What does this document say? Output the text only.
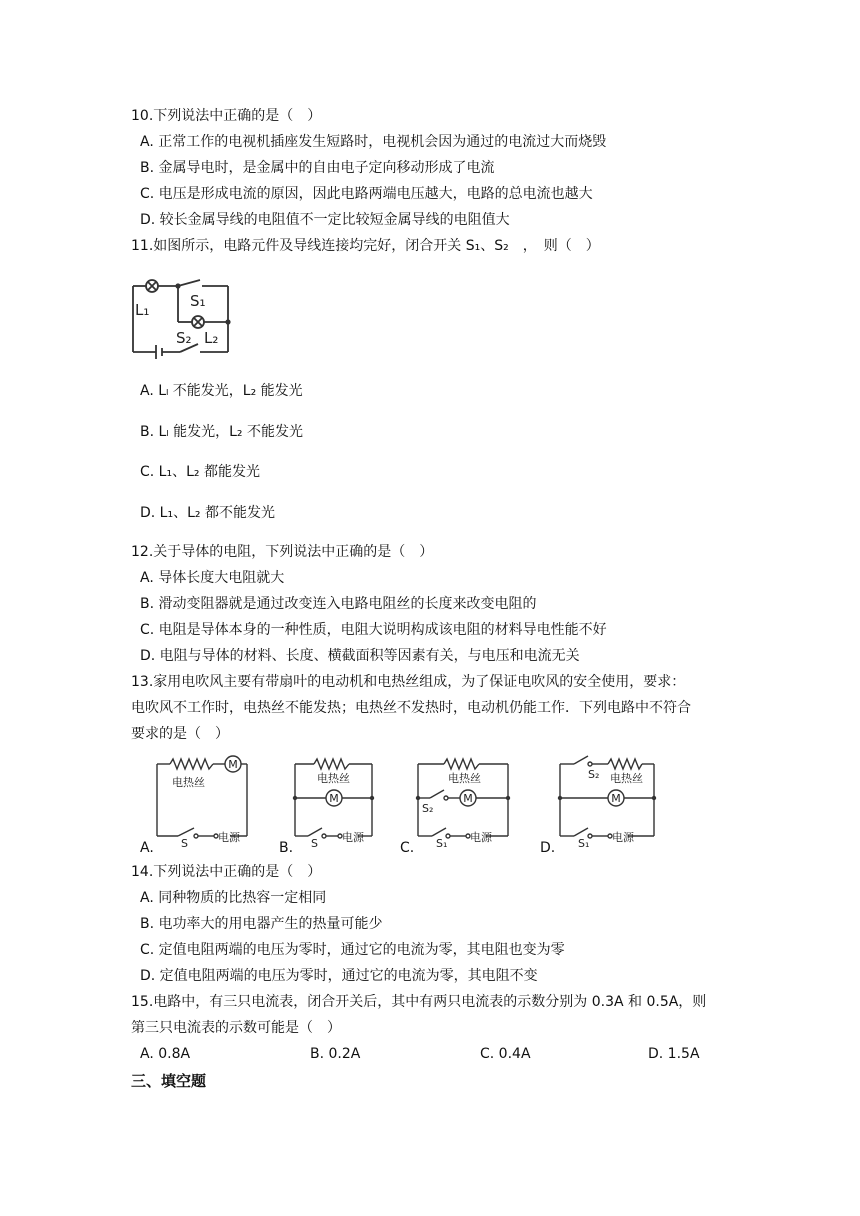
10.下列说法中正确的是（　）
A. 正常工作的电视机插座发生短路时，电视机会因为通过的电流过大而烧毁
B. 金属导电时，是金属中的自由电子定向移动形成了电流
C. 电压是形成电流的原因，因此电路两端电压越大，电路的总电流也越大
D. 较长金属导线的电阻值不一定比较短金属导线的电阻值大
11.如图所示，电路元件及导线连接均完好，闭合开关 S₁、S₂　，　则（　）
L₁	S₁
S₂ L₂
A. Lₗ 不能发光，L₂ 能发光
B. Lₗ 能发光，L₂ 不能发光
C. L₁、L₂ 都能发光
D. L₁、L₂ 都不能发光
12.关于导体的电阻，下列说法中正确的是（　）
A. 导体长度大电阻就大
B. 滑动变阻器就是通过改变连入电路电阻丝的长度来改变电阻的
C. 电阻是导体本身的一种性质，电阻大说明构成该电阻的材料导电性能不好
D. 电阻与导体的材料、长度、横截面积等因素有关，与电压和电流无关
13.家用电吹风主要有带扇叶的电动机和电热丝组成，为了保证电吹风的安全使用，要求：
电吹风不工作时，电热丝不能发热；电热丝不发热时，电动机仍能工作．下列电路中不符合
要求的是（　）
A.	B.	C.	D.
M
电热丝
S	电源
M
电热丝
S 电源
M
电热丝
S₂
S₁ 电源
M
电热丝
S₂
S₁ 电源
14.下列说法中正确的是（　）
A. 同种物质的比热容一定相同
B. 电功率大的用电器产生的热量可能少
C. 定值电阻两端的电压为零时，通过它的电流为零，其电阻也变为零
D. 定值电阻两端的电压为零时，通过它的电流为零，其电阻不变
15.电路中，有三只电流表，闭合开关后，其中有两只电流表的示数分别为 0.3A 和 0.5A，则
第三只电流表的示数可能是（　）
A. 0.8A	B. 0.2A	C. 0.4A	D. 1.5A
三、填空题
